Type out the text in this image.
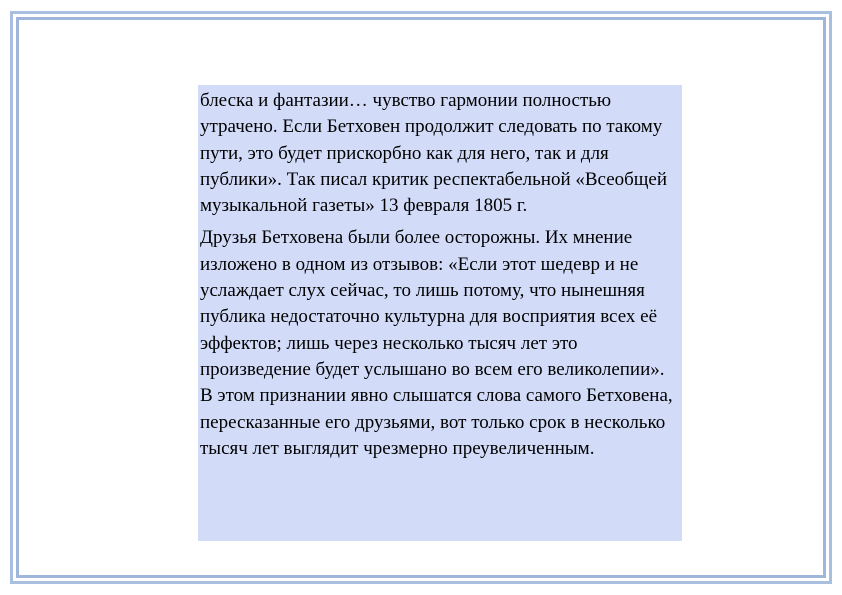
блеска и фантазии… чувство гармонии полностью утрачено. Если Бетховен продолжит следовать по такому пути, это будет прискорбно как для него, так и для публики». Так писал критик респектабельной «Всеобщей музыкальной газеты» 13 февраля 1805 г.

Друзья Бетховена были более осторожны. Их мнение изложено в одном из отзывов: «Если этот шедевр и не услаждает слух сейчас, то лишь потому, что нынешняя публика недостаточно культурна для восприятия всех её эффектов; лишь через несколько тысяч лет это произведение будет услышано во всем его великолепии». В этом признании явно слышатся слова самого Бетховена, пересказанные его друзьями, вот только срок в несколько тысяч лет выглядит чрезмерно преувеличенным.
